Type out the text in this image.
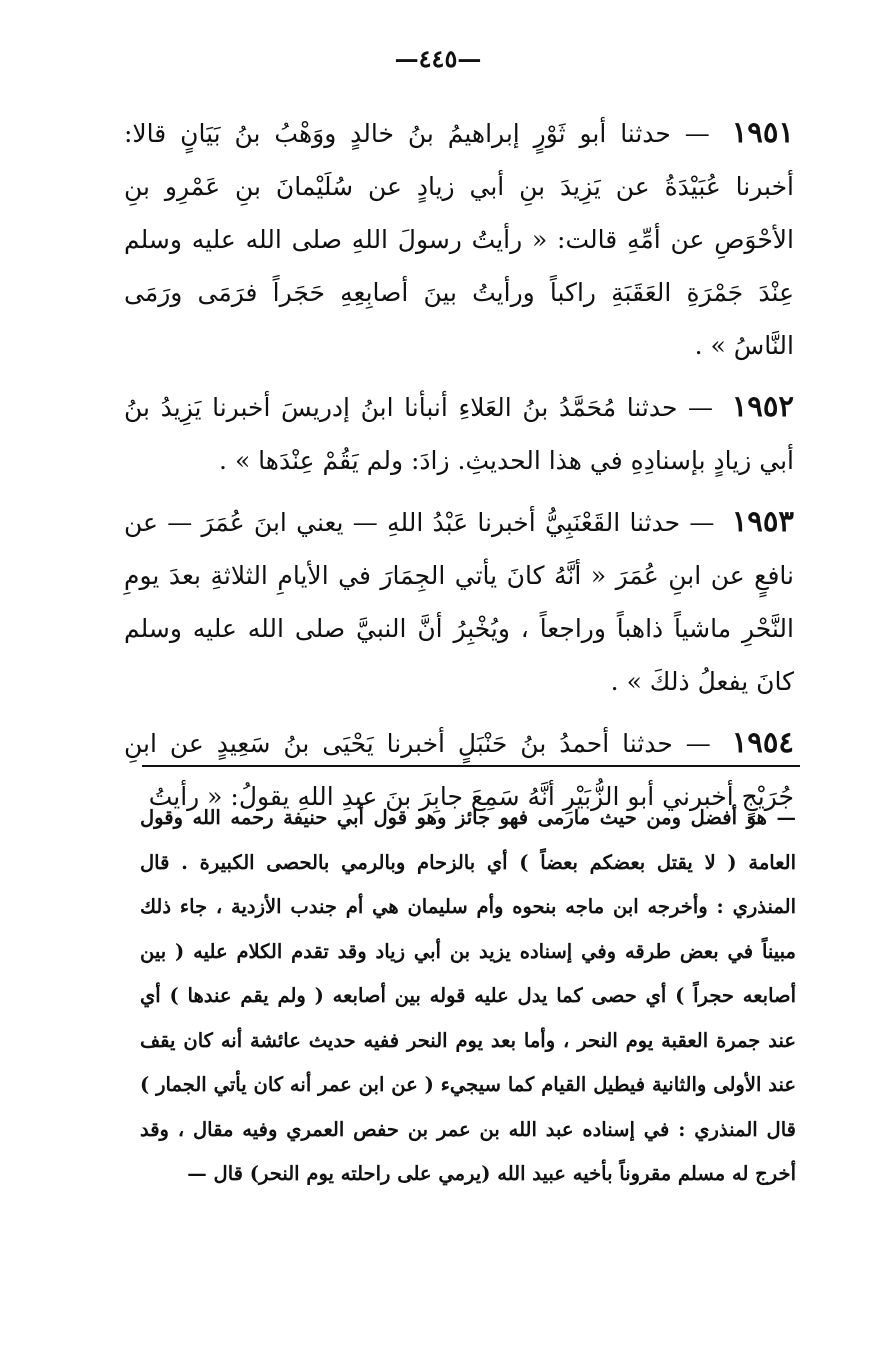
—٤٤٥—

١٩٥١ — حدثنا أبو ثَوْرٍ إبراهيمُ بنُ خالدٍ ووَهْبُ بنُ بَيَانٍ قالا: أخبرنا عُبَيْدَةُ عن يَزِيدَ بنِ أبي زيادٍ عن سُلَيْمانَ بنِ عَمْرِو بنِ الأحْوَصِ عن أمِّهِ قالت: « رأيتُ رسولَ اللهِ صلى الله عليه وسلم عِنْدَ جَمْرَةِ العَقَبَةِ راكباً ورأيتُ بينَ أصابِعِهِ حَجَراً فرَمَى ورَمَى النَّاسُ » .

١٩٥٢ — حدثنا مُحَمَّدُ بنُ العَلاءِ أنبأنا ابنُ إدريسَ أخبرنا يَزِيدُ بنُ أبي زيادٍ بإسنادِهِ في هذا الحديثِ. زادَ: ولم يَقُمْ عِنْدَها » .

١٩٥٣ — حدثنا القَعْنَبِيُّ أخبرنا عَبْدُ اللهِ — يعني ابنَ عُمَرَ — عن نافعٍ عن ابنِ عُمَرَ « أنَّهُ كانَ يأتي الجِمَارَ في الأيامِ الثلاثةِ بعدَ يومِ النَّحْرِ ماشياً ذاهباً وراجعاً ، ويُخْبِرُ أنَّ النبيَّ صلى الله عليه وسلم كانَ يفعلُ ذلكَ » .

١٩٥٤ — حدثنا أحمدُ بنُ حَنْبَلٍ أخبرنا يَحْيَى بنُ سَعِيدٍ عن ابنِ جُرَيْجٍ أخبرني أبو الزُّبَيْرِ أنَّهُ سَمِعَ جابِرَ بنَ عبدِ اللهِ يقولُ: « رأيتُ

— هو أفضل ومن حيث مارمى فهو جائز وهو قول أبي حنيفة رحمه الله وقول العامة ( لا يقتل بعضكم بعضاً ) أي بالزحام وبالرمي بالحصى الكبيرة . قال المنذري : وأخرجه ابن ماجه بنحوه وأم سليمان هي أم جندب الأزدية ، جاء ذلك مبيناً في بعض طرقه وفي إسناده يزيد بن أبي زياد وقد تقدم الكلام عليه ( بين أصابعه حجراً ) أي حصى كما يدل عليه قوله بين أصابعه ( ولم يقم عندها ) أي عند جمرة العقبة يوم النحر ، وأما بعد يوم النحر ففيه حديث عائشة أنه كان يقف عند الأولى والثانية فيطيل القيام كما سيجيء ( عن ابن عمر أنه كان يأتي الجمار ) قال المنذري : في إسناده عبد الله بن عمر بن حفص العمري وفيه مقال ، وقد أخرج له مسلم مقروناً بأخيه عبيد الله (يرمي على راحلته يوم النحر) قال —
